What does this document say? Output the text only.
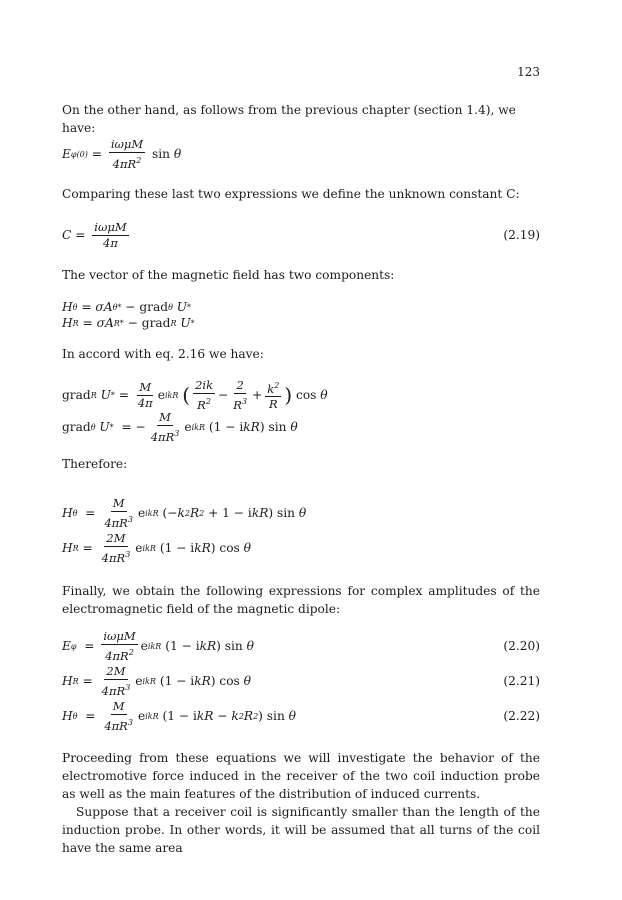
123
On the other hand, as follows from the previous chapter (section 1.4), we have:
E φ $(0) = \frac{\text{iωμM}}{4\pi R^2}$ sin θ
Comparing these last two expressions we define the unknown constant C:
$C = \frac{\text{iωμM}}{4\pi}$	(2.19)
The vector of the magnetic field has two components:
H θ = σA θ * − grad θ U *
H R = σA R * − grad R U *
In accord with eq. 2.16 we have:
grad R U * = $\frac{M}{4\pi}$ e ikR
( $\frac{2ik}{R^2} - \frac{2}{R^3} + \frac{k^2}{R}$ )
cos θ
grad θ U * = − $\frac{M}{4\pi R^3}$ e ikR
(1 −
i kR ) sin θ
Therefore:
H $\theta = \frac{M}{4\pi R^3}$ e ikR
(− k 2 R 2 + 1 −
i kR ) sin θ
H $R = \frac{2M}{4\pi R^3}$ e ikR
(1 −
i kR ) cos θ
Finally, we obtain the following expressions for complex amplitudes of the electromagnetic field of the magnetic dipole:
E $\varphi = \frac{\text{iωμM}}{4\pi R^2}$ e ikR
(1 −
i kR ) sin θ	(2.20)
H $R = \frac{2M}{4\pi R^3}$ e ikR
(1 −
i kR ) cos θ	(2.21)
H $\theta = \frac{M}{4\pi R^3}$ e ikR
(1 −
i kR − k 2 R 2 ) sin θ	(2.22)
Proceeding from these equations we will investigate the behavior of the electromotive force induced in the receiver of the two coil induction probe as well as the main features of the distribution of induced currents.
Suppose that a receiver coil is significantly smaller than the length of the induction probe. In other words, it will be assumed that all turns of the coil have the same area
